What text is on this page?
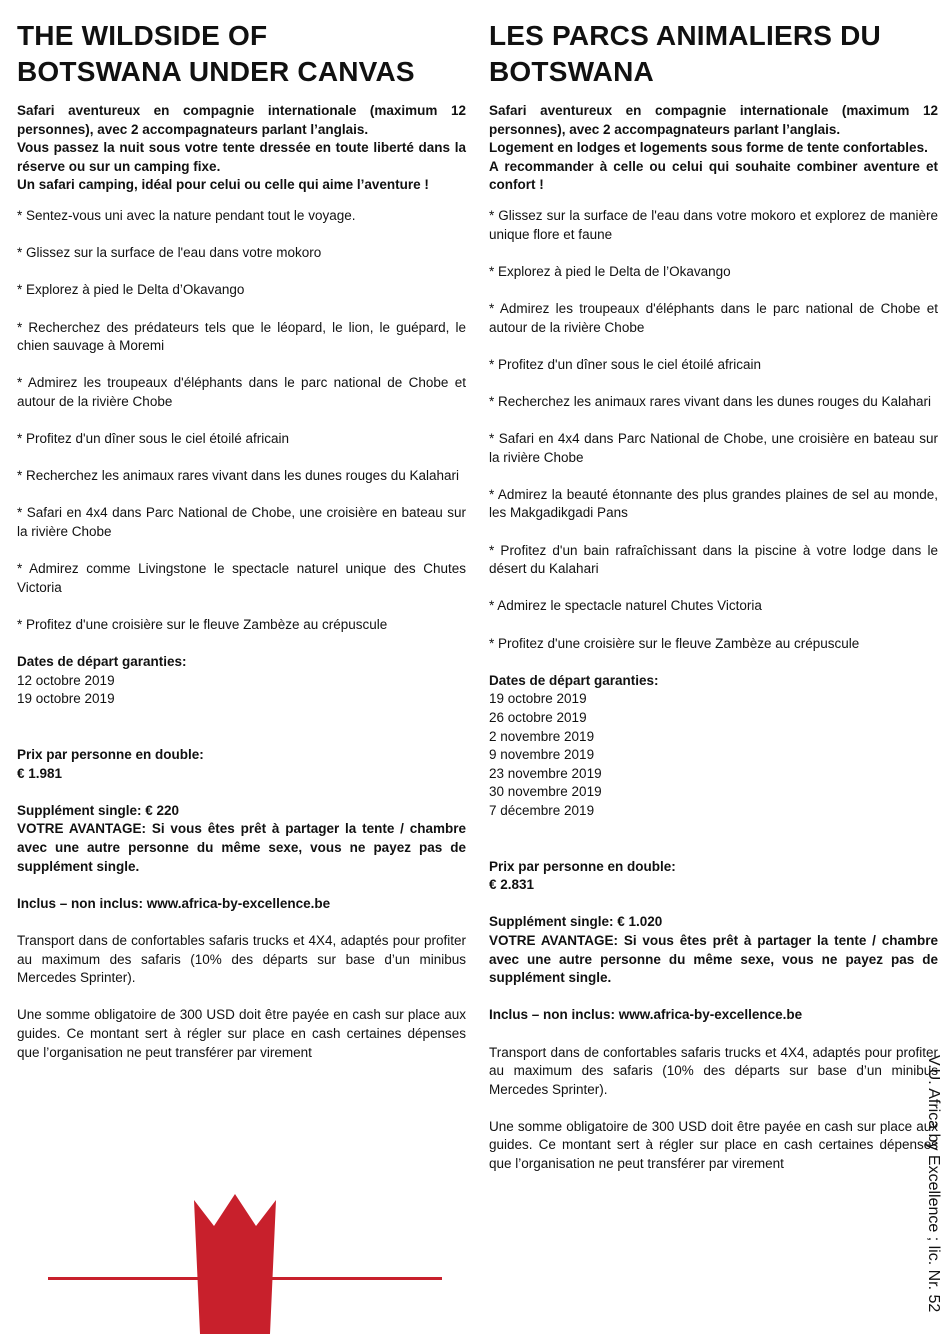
THE WILDSIDE OF
BOTSWANA UNDER CANVAS

Safari aventureux en compagnie internationale (maximum 12 personnes), avec 2 accompagnateurs parlant l’anglais.

Vous passez la nuit sous votre tente dressée en toute liberté dans la réserve ou sur un camping fixe.

Un safari camping, idéal pour celui ou celle qui aime l’aventure !

* Sentez-vous uni avec la nature pendant tout le voyage.
* Glissez sur la surface de l'eau dans votre mokoro
* Explorez à pied le Delta d’Okavango
* Recherchez des prédateurs tels que le léopard, le lion, le guépard, le chien sauvage à Moremi
* Admirez les troupeaux d'éléphants dans le parc national de Chobe et autour de la rivière Chobe
* Profitez d'un dîner sous le ciel étoilé africain
* Recherchez les animaux rares vivant dans les dunes rouges du Kalahari
* Safari en 4x4 dans Parc National de Chobe, une croisière en bateau sur la rivière Chobe
* Admirez comme Livingstone le spectacle naturel unique des Chutes Victoria
* Profitez d'une croisière sur le fleuve Zambèze au crépuscule

Dates de départ garanties:

12 octobre 2019

19 octobre 2019

Prix par personne en double:

€ 1.981

Supplément single: € 220

VOTRE AVANTAGE: Si vous êtes prêt à partager la tente / chambre avec une autre personne du même sexe, vous ne payez pas de supplément single.

Inclus – non inclus: www.africa-by-excellence.be

Transport dans de confortables safaris trucks et 4X4, adaptés pour profiter au maximum des safaris (10% des départs sur base d’un minibus Mercedes Sprinter).

Une somme obligatoire de 300 USD doit être payée en cash sur place aux guides. Ce montant sert à régler sur place en cash certaines dépenses que l’organisation ne peut transférer par virement

LES PARCS ANIMALIERS DU
BOTSWANA

Safari aventureux en compagnie internationale (maximum 12 personnes), avec 2 accompagnateurs parlant l’anglais.

Logement en lodges et logements sous forme de tente confortables.

A recommander à celle ou celui qui souhaite combiner aventure et confort !

* Glissez sur la surface de l'eau dans votre mokoro et explorez de manière unique flore et faune
* Explorez à pied le Delta de l’Okavango
* Admirez les troupeaux d'éléphants dans le parc national de Chobe et autour de la rivière Chobe
* Profitez d'un dîner sous le ciel étoilé africain
* Recherchez les animaux rares vivant dans les dunes rouges du Kalahari
* Safari en 4x4 dans Parc National de Chobe, une croisière en bateau sur la rivière Chobe
* Admirez la beauté étonnante des plus grandes plaines de sel au monde, les Makgadikgadi Pans
* Profitez d'un bain rafraîchissant dans la piscine à votre lodge dans le désert du Kalahari
* Admirez le spectacle naturel Chutes Victoria
* Profitez d'une croisière sur le fleuve Zambèze au crépuscule

Dates de départ garanties:

19 octobre 2019

26 octobre 2019

2 novembre 2019

9 novembre 2019

23 novembre 2019

30 novembre 2019

7 décembre 2019

Prix par personne en double:

€ 2.831

Supplément single: € 1.020

VOTRE AVANTAGE: Si vous êtes prêt à partager la tente / chambre avec une autre personne du même sexe, vous ne payez pas de supplément single.

Inclus – non inclus: www.africa-by-excellence.be

Transport dans de confortables safaris trucks et 4X4, adaptés pour profiter au maximum des safaris (10% des départs sur base d’un minibus Mercedes Sprinter).

Une somme obligatoire de 300 USD doit être payée en cash sur place aux guides. Ce montant sert à régler sur place en cash certaines dépenses que l’organisation ne peut transférer par virement	V.U. Africa by Excellence ; lic. Nr. 52
